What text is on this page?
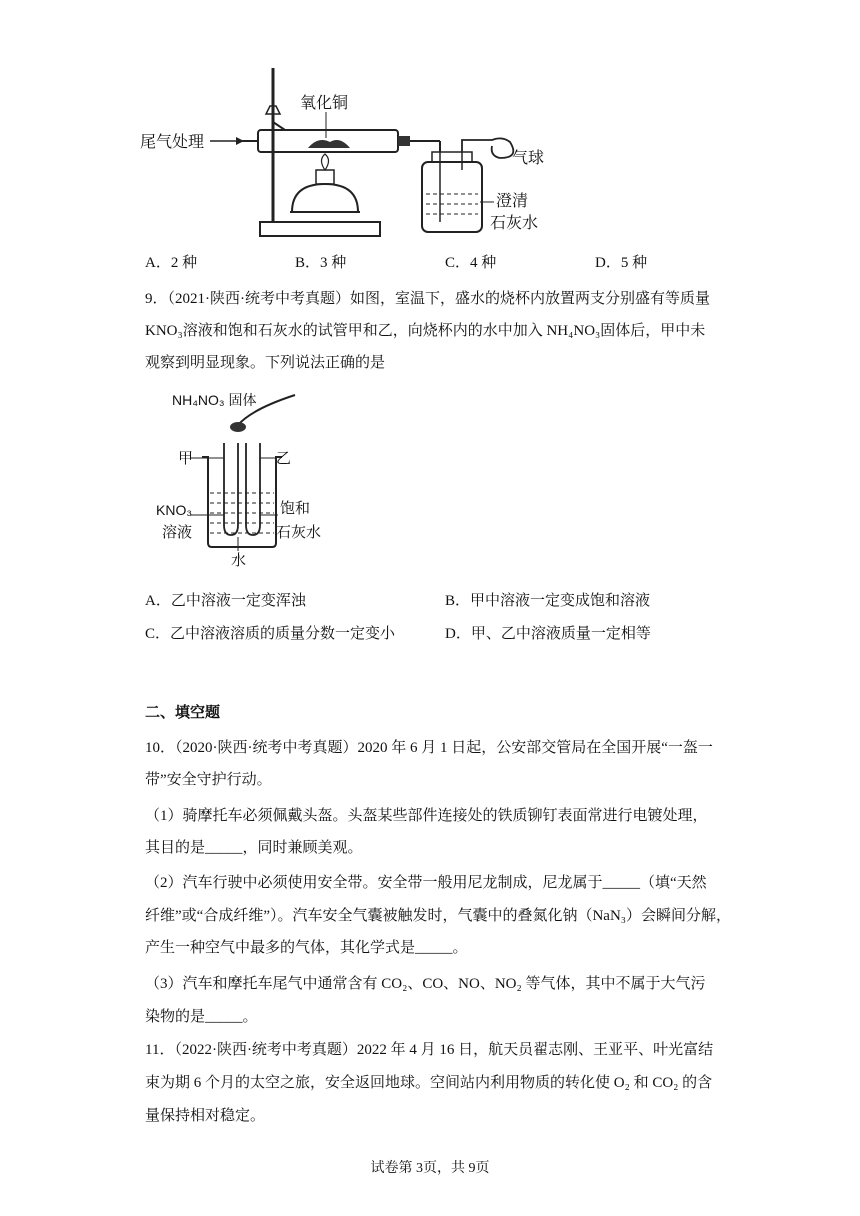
尾气处理
氧化铜
气球
澄清
石灰水
A．2 种	B．3 种	C．4 种	D．5 种
9．（2021·陕西·统考中考真题）如图，室温下，盛水的烧杯内放置两支分别盛有等质量
KNO₃溶液和饱和石灰水的试管甲和乙，向烧杯内的水中加入 NH₄NO₃固体后，甲中未
观察到明显现象。下列说法正确的是
NH₄NO₃ 固体
甲	乙
KNO₃
溶液
饱和
石灰水
水
A．乙中溶液一定变浑浊	B．甲中溶液一定变成饱和溶液
C．乙中溶液溶质的质量分数一定变小	D．甲、乙中溶液质量一定相等
二、填空题
10．（2020·陕西·统考中考真题）2020 年 6 月 1 日起，公安部交管局在全国开展“一盔一
带”安全守护行动。
（1）骑摩托车必须佩戴头盔。头盔某些部件连接处的铁质铆钉表面常进行电镀处理，
其目的是_____，同时兼顾美观。
（2）汽车行驶中必须使用安全带。安全带一般用尼龙制成，尼龙属于_____（填“天然
纤维”或“合成纤维”）。汽车安全气囊被触发时，气囊中的叠氮化钠（NaN₃）会瞬间分解，
产生一种空气中最多的气体，其化学式是_____。
（3）汽车和摩托车尾气中通常含有 CO₂、CO、NO、NO₂ 等气体，其中不属于大气污
染物的是_____。
11．（2022·陕西·统考中考真题）2022 年 4 月 16 日，航天员翟志刚、王亚平、叶光富结
束为期 6 个月的太空之旅，安全返回地球。空间站内利用物质的转化使 O₂ 和 CO₂ 的含
量保持相对稳定。
试卷第 3页，共 9页
